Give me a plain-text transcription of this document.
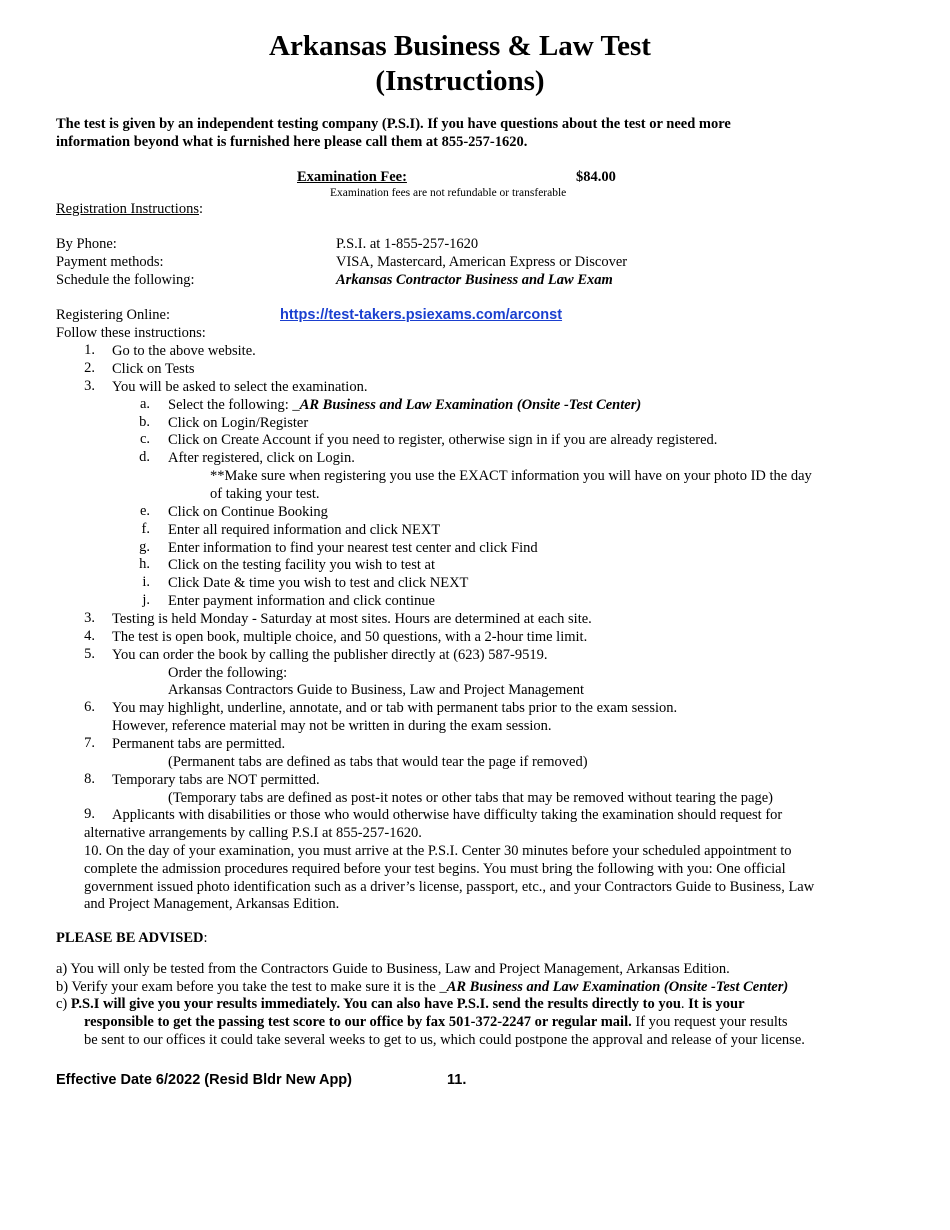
Arkansas Business & Law Test
(Instructions)
The test is given by an independent testing company (P.S.I). If you have questions about the test or need more
information beyond what is furnished here please call them at 855-257-1620.
Examination Fee:	$84.00
Examination fees are not refundable or transferable
Registration Instructions:
By Phone:	P.S.I. at 1-855-257-1620
Payment methods:	VISA, Mastercard, American Express or Discover
Schedule the following:	Arkansas Contractor Business and Law Exam
Registering Online:	https://test-takers.psiexams.com/arconst
Follow these instructions:
1. Go to the above website.
2. Click on Tests
3. You will be asked to select the examination.
a. Select the following: _AR Business and Law Examination (Onsite -Test Center)
b. Click on Login/Register
c. Click on Create Account if you need to register, otherwise sign in if you are already registered.
d. After registered, click on Login.
**Make sure when registering you use the EXACT information you will have on your photo ID the day
of taking your test.
e. Click on Continue Booking
f. Enter all required information and click NEXT
g. Enter information to find your nearest test center and click Find
h. Click on the testing facility you wish to test at
i. Click Date & time you wish to test and click NEXT
j. Enter payment information and click continue
3. Testing is held Monday - Saturday at most sites. Hours are determined at each site.
4. The test is open book, multiple choice, and 50 questions, with a 2-hour time limit.
5. You can order the book by calling the publisher directly at (623) 587-9519.
Order the following:
Arkansas Contractors Guide to Business, Law and Project Management
6. You may highlight, underline, annotate, and or tab with permanent tabs prior to the exam session.
However, reference material may not be written in during the exam session.
7. Permanent tabs are permitted.
(Permanent tabs are defined as tabs that would tear the page if removed)
8. Temporary tabs are NOT permitted.
(Temporary tabs are defined as post-it notes or other tabs that may be removed without tearing the page)
9. Applicants with disabilities or those who would otherwise have difficulty taking the examination should request for
alternative arrangements by calling P.S.I at 855-257-1620.
10. On the day of your examination, you must arrive at the P.S.I. Center 30 minutes before your scheduled appointment to
complete the admission procedures required before your test begins. You must bring the following with you: One official
government issued photo identification such as a driver’s license, passport, etc., and your Contractors Guide to Business, Law
and Project Management, Arkansas Edition.
PLEASE BE ADVISED:
a) You will only be tested from the Contractors Guide to Business, Law and Project Management, Arkansas Edition.
b) Verify your exam before you take the test to make sure it is the _AR Business and Law Examination (Onsite -Test Center)
c) P.S.I will give you your results immediately. You can also have P.S.I. send the results directly to you. It is your
responsible to get the passing test score to our office by fax 501-372-2247 or regular mail. If you request your results
be sent to our offices it could take several weeks to get to us, which could postpone the approval and release of your license.
Effective Date 6/2022 (Resid Bldr New App)	11.
